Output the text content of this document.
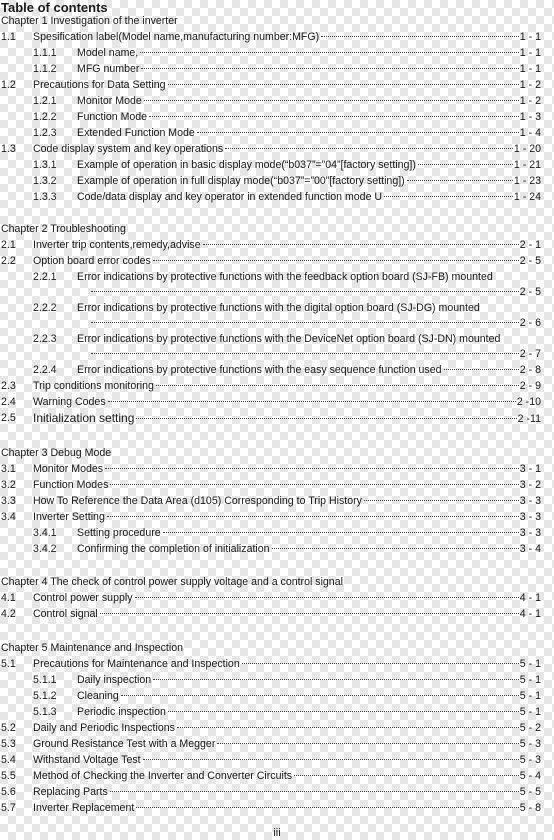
Table of contents
Chapter 1 Investigation of the inverter
1.1 Spesification label(Model name,manufacturing number:MFG)	1 - 1
1.1.1 Model name,	1 - 1
1.1.2 MFG number	1 - 1
1.2 Precautions for Data Setting	1 - 2
1.2.1 Monitor Mode	1 - 2
1.2.2 Function Mode	1 - 3
1.2.3 Extended Function Mode	1 - 4
1.3 Code display system and key operations	1 - 20
1.3.1 Example of operation in basic display mode(“b037”=”04”[factory setting])	1 - 21
1.3.2 Example of operation in full display mode(“b037”=”00”[factory setting])	1 - 23
1.3.3 Code/data display and key operator in extended function mode U	1 - 24
Chapter 2 Troubleshooting
2.1 Inverter trip contents,remedy,advise	2 - 1
2.2 Option board error codes	2 - 5
2.2.1 Error indications by protective functions with the feedback option board (SJ-FB) mounted
2 - 5
2.2.2 Error indications by protective functions with the digital option board (SJ-DG) mounted
2 - 6
2.2.3 Error indications by protective functions with the DeviceNet option board (SJ-DN) mounted
2 - 7
2.2.4 Error indications by protective functions with the easy sequence function used	2 - 8
2.3 Trip conditions monitoring	2 - 9
2.4 Warning Codes	2 -10
2.5 Initialization setting	2 -11
Chapter 3 Debug Mode
3.1 Monitor Modes	3 - 1
3.2 Function Modes	3 - 2
3.3 How To Reference the Data Area (d105) Corresponding to Trip History	3 - 3
3.4 Inverter Setting	3 - 3
3.4.1 Setting procedure	3 - 3
3.4.2 Confirming the completion of initialization	3 - 4
Chapter 4 The check of control power supply voltage and a control signal
4.1 Control power supply	4 - 1
4.2 Control signal	4 - 1
Chapter 5 Maintenance and Inspection
5.1 Precautions for Maintenance and Inspection	5 - 1
5.1.1 Daily inspection	5 - 1
5.1.2 Cleaning	5 - 1
5.1.3 Periodic inspection	5 - 1
5.2 Daily and Periodic Inspections	5 - 2
5.3 Ground Resistance Test with a Megger	5 - 3
5.4 Withstand Voltage Test	5 - 3
5.5 Method of Checking the Inverter and Converter Circuits	5 - 4
5.6 Replacing Parts	5 - 5
5.7 Inverter Replacement	5 - 8
iii
